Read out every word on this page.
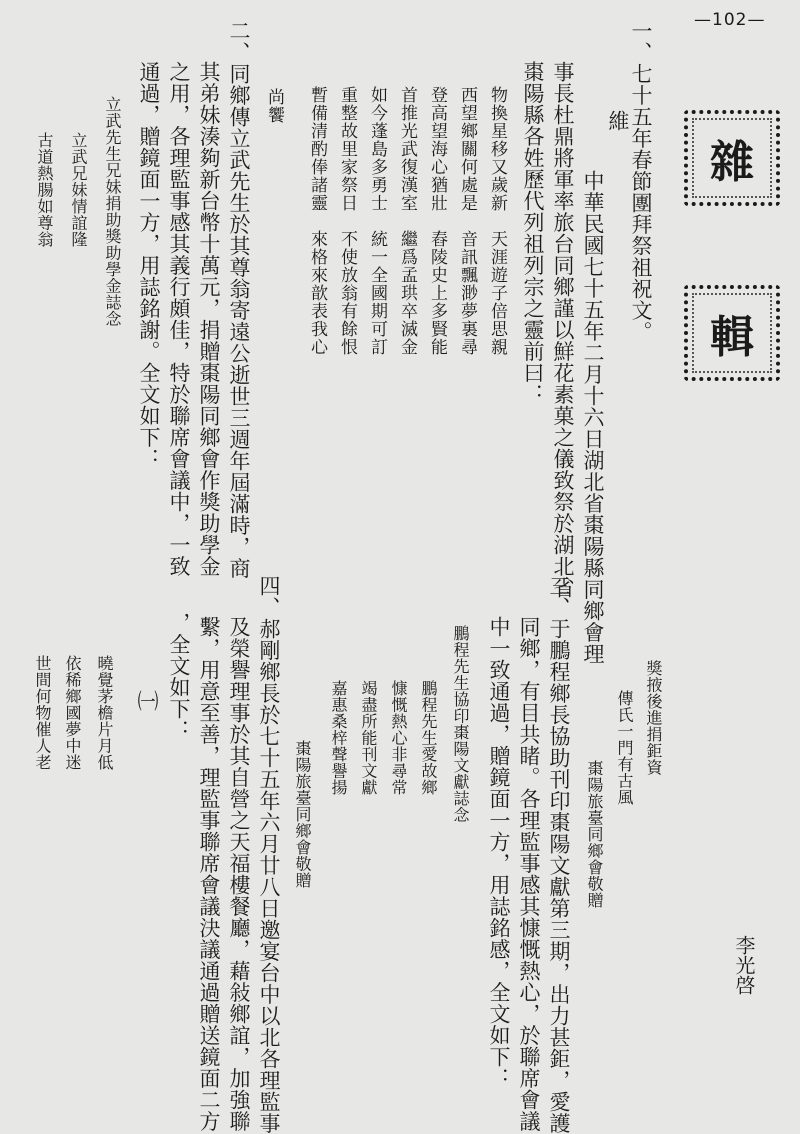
—102—
雜
輯
李光啓
一、七十五年春節團拜祭祖祝文。
維
中華民國七十五年二月十六日湖北省棗陽縣同鄉會理
事長杜鼎將軍率旅台同鄉謹以鮮花素菓之儀致祭於湖北省
棗陽縣各姓歷代列祖列宗之靈前曰：
物換星移又歲新　天涯遊子倍思親
西望鄉關何處是　音訊飄渺夢裏尋
登高望海心猶壯　舂陵史上多賢能
首推光武復漢室　繼爲孟珙卒滅金
如今蓬島多勇士　統一全國期可訂
重整故里家祭日　不使放翁有餘恨
暫備清酌俸諸靈　來格來歆表我心
尚饗
二、同鄉傳立武先生於其尊翁寄遠公逝世三週年屆滿時，商
其弟妹湊夠新台幣十萬元，捐贈棗陽同鄉會作獎助學金
之用，各理監事感其義行頗佳，特於聯席會議中，一致
通過，贈鏡面一方，用誌銘謝。全文如下：
立武先生兄妹捐助獎助學金誌念
立武兄妹情誼隆
古道熱腸如尊翁
三、于鵬程鄉長協助刊印棗陽文獻第三期，出力甚鉅，愛護
同鄉，有目共睹。各理監事感其慷慨熱心，於聯席會議
中一致通過，贈鏡面一方，用誌銘感，全文如下：	獎掖後進捐鉅資
傳氏一門有古風
棗陽旅臺同鄉會敬贈
鵬程先生協印棗陽文獻誌念
鵬程先生愛故鄉
慷慨熱心非尋常
竭盡所能刊文獻
嘉惠桑梓聲譽揚
棗陽旅臺同鄉會敬贈
四、郝剛鄉長於七十五年六月廿八日邀宴台中以北各理監事
及榮譽理事於其自營之天福樓餐廳，藉敍鄉誼，加強聯
繫，用意至善，理監事聯席會議決議通過贈送鏡面二方
，全文如下：
㈠
曉覺茅檐片月低
依稀鄉國夢中迷
世間何物催人老
